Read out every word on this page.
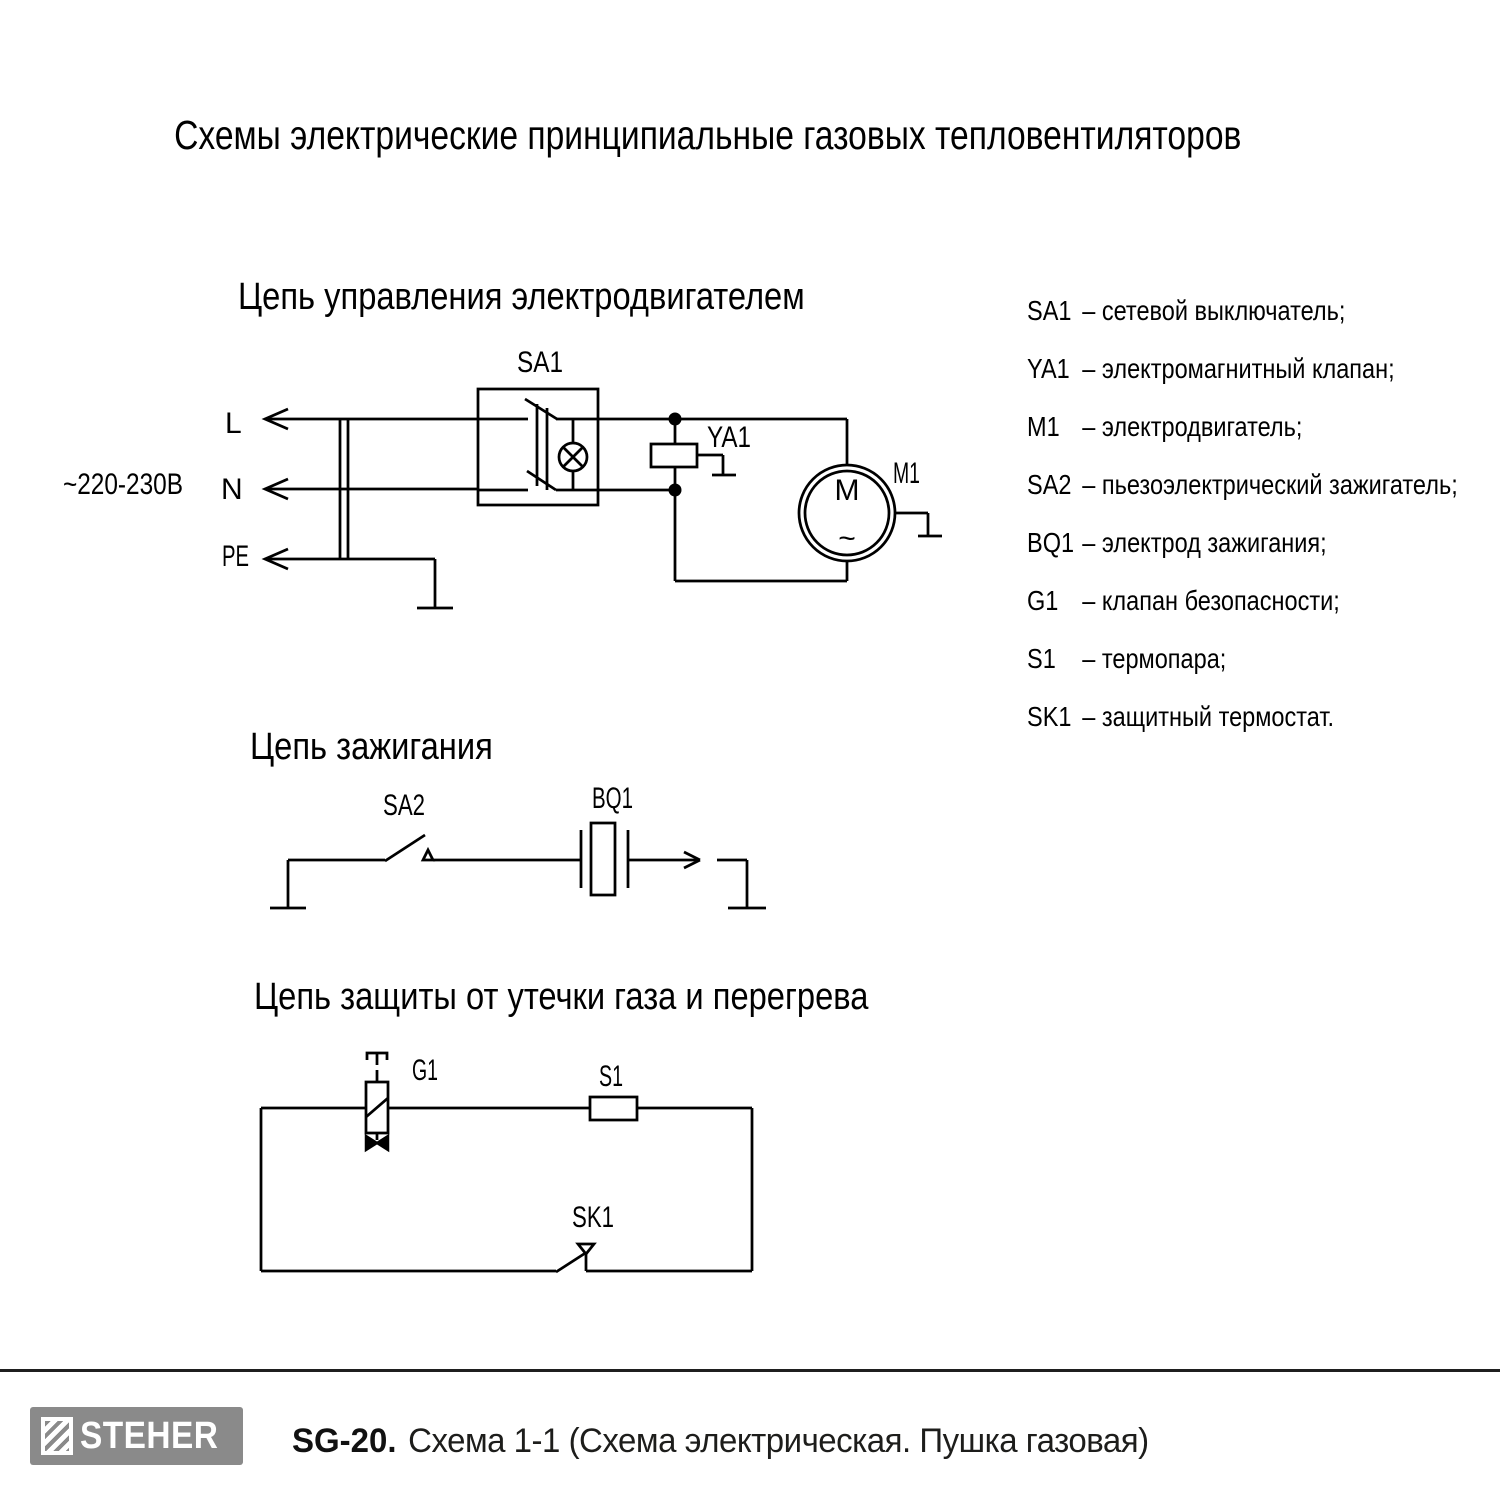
Схемы электрические принципиальные газовых тепловентиляторов
Цепь управления электродвигателем
Цепь зажигания
Цепь защиты от утечки газа и перегрева
~220-230В
L
N
PE
SA1
YA1
M
~
M1
SA2	BQ1
G1	S1
SK1
SA1 – сетевой выключатель;
YA1 – электромагнитный клапан;
M1 – электродвигатель;
SA2 – пьезоэлектрический зажигатель;
BQ1 – электрод зажигания;
G1 – клапан безопасности;
S1 – термопара;
SK1 – защитный термостат.
STEHER SG-20. Схема 1-1 (Схема электрическая. Пушка газовая)
